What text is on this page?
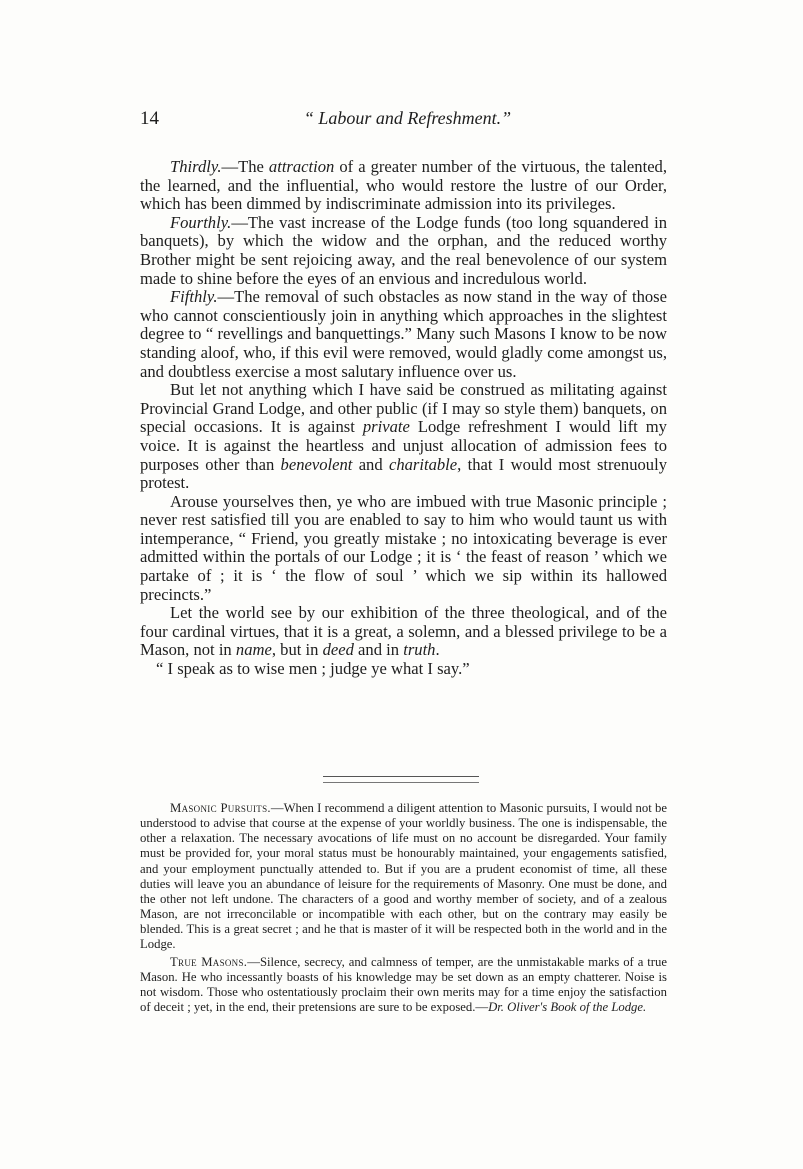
14	“ Labour and Refreshment.”

Thirdly.—The attraction of a greater number of the virtuous, the talented, the learned, and the influential, who would restore the lustre of our Order, which has been dimmed by indiscriminate admission into its privileges.

Fourthly.—The vast increase of the Lodge funds (too long squandered in banquets), by which the widow and the orphan, and the reduced worthy Brother might be sent rejoicing away, and the real benevolence of our system made to shine before the eyes of an envious and incredulous world.

Fifthly.—The removal of such obstacles as now stand in the way of those who cannot conscientiously join in anything which approaches in the slightest degree to “ revellings and banquettings.” Many such Masons I know to be now standing aloof, who, if this evil were removed, would gladly come amongst us, and doubtless exercise a most salutary influence over us.

But let not anything which I have said be construed as militating against Provincial Grand Lodge, and other public (if I may so style them) banquets, on special occasions. It is against private Lodge refreshment I would lift my voice. It is against the heartless and unjust allocation of admission fees to purposes other than benevolent and charitable, that I would most strenuouly protest.

Arouse yourselves then, ye who are imbued with true Masonic principle ; never rest satisfied till you are enabled to say to him who would taunt us with intemperance, “ Friend, you greatly mistake ; no intoxicating beverage is ever admitted within the portals of our Lodge ; it is ‘ the feast of reason ’ which we partake of ; it is ‘ the flow of soul ’ which we sip within its hallowed precincts.”

Let the world see by our exhibition of the three theological, and of the four cardinal virtues, that it is a great, a solemn, and a blessed privilege to be a Mason, not in name, but in deed and in truth.

“ I speak as to wise men ; judge ye what I say.”

Masonic Pursuits.—When I recommend a diligent attention to Masonic pursuits, I would not be understood to advise that course at the expense of your worldly business. The one is indispensable, the other a relaxation. The necessary avocations of life must on no account be disregarded. Your family must be provided for, your moral status must be honourably maintained, your engagements satisfied, and your employment punctually attended to. But if you are a prudent economist of time, all these duties will leave you an abundance of leisure for the requirements of Masonry. One must be done, and the other not left undone. The characters of a good and worthy member of society, and of a zealous Mason, are not irreconcilable or incompatible with each other, but on the contrary may easily be blended. This is a great secret ; and he that is master of it will be respected both in the world and in the Lodge.

True Masons.—Silence, secrecy, and calmness of temper, are the unmistakable marks of a true Mason. He who incessantly boasts of his knowledge may be set down as an empty chatterer. Noise is not wisdom. Those who ostentatiously proclaim their own merits may for a time enjoy the satisfaction of deceit ; yet, in the end, their pretensions are sure to be exposed.—Dr. Oliver's Book of the Lodge.
